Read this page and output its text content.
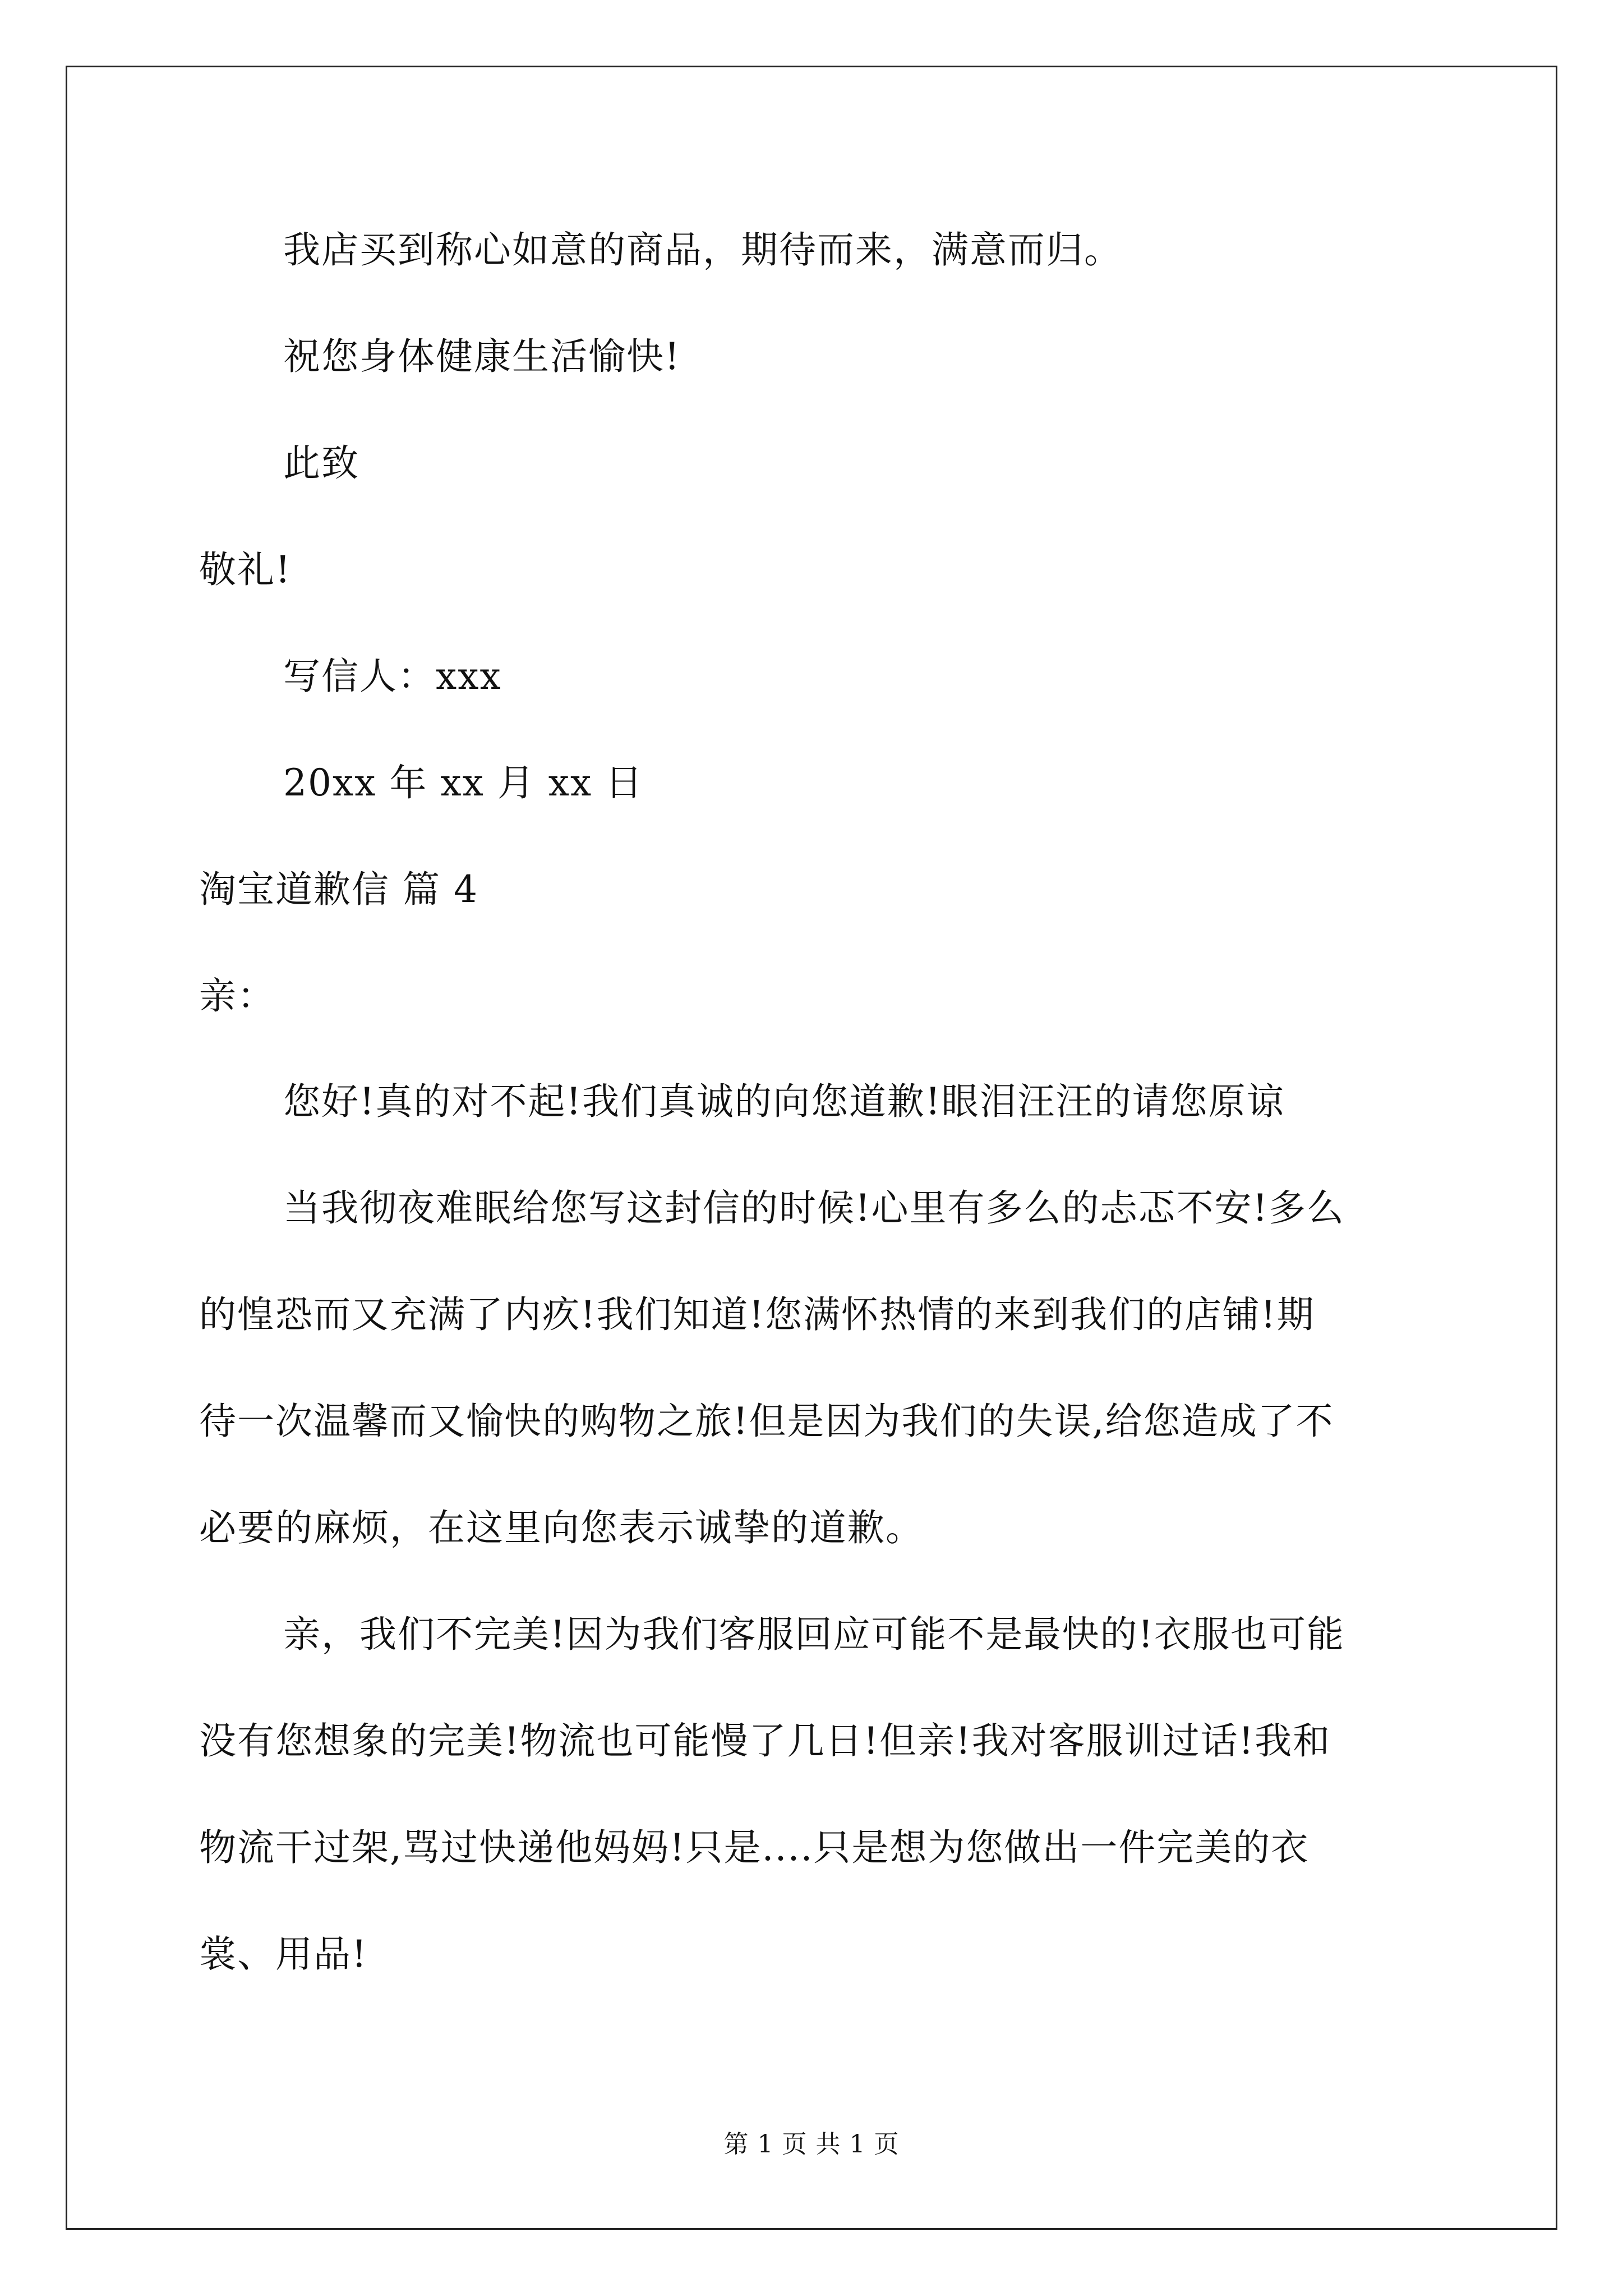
我店买到称心如意的商品，期待而来，满意而归。
祝您身体健康生活愉快!
此致
敬礼!
写信人：xxx
20xx 年 xx 月 xx 日
淘宝道歉信 篇 4
亲：
您好!真的对不起!我们真诚的向您道歉!眼泪汪汪的请您原谅
当我彻夜难眠给您写这封信的时候!心里有多么的忐忑不安!多么
的惶恐而又充满了内疚!我们知道!您满怀热情的来到我们的店铺!期
待一次温馨而又愉快的购物之旅!但是因为我们的失误,给您造成了不
必要的麻烦，在这里向您表示诚挚的道歉。
亲，我们不完美!因为我们客服回应可能不是最快的!衣服也可能
没有您想象的完美!物流也可能慢了几日!但亲!我对客服训过话!我和
物流干过架,骂过快递他妈妈!只是....只是想为您做出一件完美的衣
裳、用品!
第 1 页 共 1 页
